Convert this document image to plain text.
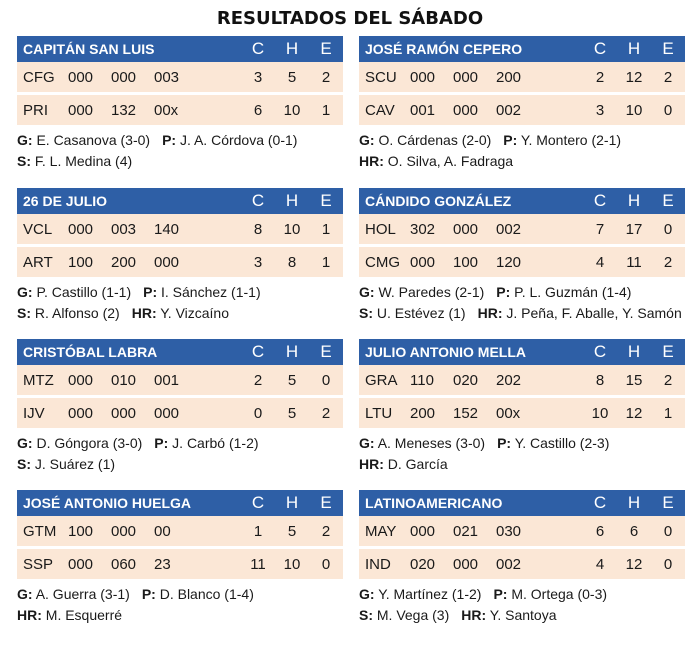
RESULTADOS DEL SÁBADO
CAPITÁN SAN LUIS	C	H	E
CFG 000	000	003	3	5	2
PRI	000	132	00x	6	10	1
G: E. Casanova (3-0) P: J. A. Córdova (0-1)
S: F. L. Medina (4)
JOSÉ RAMÓN CEPERO	C	H	E
SCU 000	000	200	2	12	2
CAV	001	000	002	3	10	0
G: O. Cárdenas (2-0) P: Y. Montero (2-1)
HR: O. Silva, A. Fadraga
26 DE JULIO	C	H	E
VCL	000	003	140	8	10	1
ART	100	200	000	3	8	1
G: P. Castillo (1-1) P: I. Sánchez (1-1)
S: R. Alfonso (2) HR: Y. Vizcaíno
CÁNDIDO GONZÁLEZ	C	H	E
HOL 302	000	002	7	17	0
CMG 000	100	120	4	11	2
G: W. Paredes (2-1) P: P. L. Guzmán (1-4)
S: U. Estévez (1) HR: J. Peña, F. Aballe, Y. Samón
CRISTÓBAL LABRA	C	H	E
MTZ 000	010	001	2	5	0
IJV	000	000	000	0	5	2
G: D. Góngora (3-0) P: J. Carbó (1-2)
S: J. Suárez (1)
JULIO ANTONIO MELLA	C	H	E
GRA 110	020	202	8	15	2
LTU	200	152	00x	10	12	1
G: A. Meneses (3-0) P: Y. Castillo (2-3)
HR: D. García
JOSÉ ANTONIO HUELGA	C	H	E
GTM 100	000	00	1	5	2
SSP 000	060	23	11	10	0
G: A. Guerra (3-1) P: D. Blanco (1-4)
HR: M. Esquerré
LATINOAMERICANO	C	H	E
MAY 000	021	030	6	6	0
IND	020	000	002	4	12	0
G: Y. Martínez (1-2) P: M. Ortega (0-3)
S: M. Vega (3) HR: Y. Santoya
